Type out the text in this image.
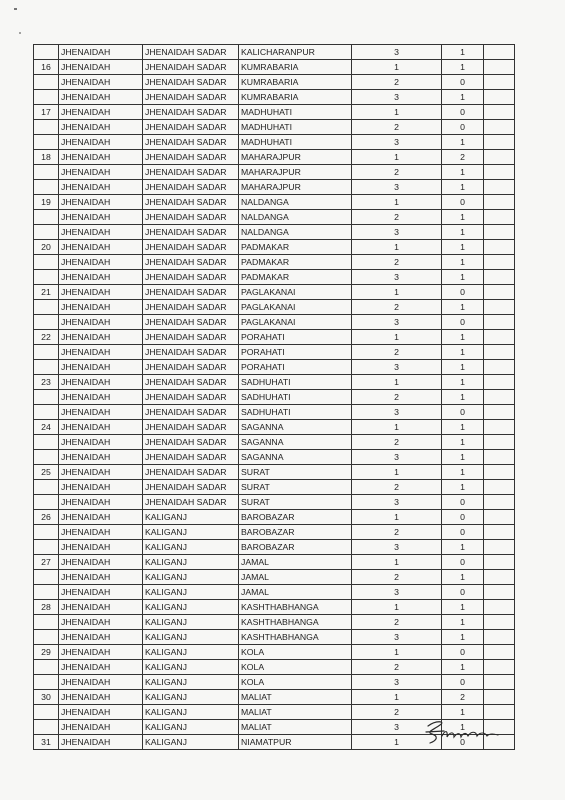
	JHENAIDAH	JHENAIDAH SADAR	KALICHARANPUR	3	1	
16	JHENAIDAH	JHENAIDAH SADAR	KUMRABARIA	1	1	
	JHENAIDAH	JHENAIDAH SADAR	KUMRABARIA	2	0	
	JHENAIDAH	JHENAIDAH SADAR	KUMRABARIA	3	1	
17	JHENAIDAH	JHENAIDAH SADAR	MADHUHATI	1	0	
	JHENAIDAH	JHENAIDAH SADAR	MADHUHATI	2	0	
	JHENAIDAH	JHENAIDAH SADAR	MADHUHATI	3	1	
18	JHENAIDAH	JHENAIDAH SADAR	MAHARAJPUR	1	2	
	JHENAIDAH	JHENAIDAH SADAR	MAHARAJPUR	2	1	
	JHENAIDAH	JHENAIDAH SADAR	MAHARAJPUR	3	1	
19	JHENAIDAH	JHENAIDAH SADAR	NALDANGA	1	0	
	JHENAIDAH	JHENAIDAH SADAR	NALDANGA	2	1	
	JHENAIDAH	JHENAIDAH SADAR	NALDANGA	3	1	
20	JHENAIDAH	JHENAIDAH SADAR	PADMAKAR	1	1	
	JHENAIDAH	JHENAIDAH SADAR	PADMAKAR	2	1	
	JHENAIDAH	JHENAIDAH SADAR	PADMAKAR	3	1	
21	JHENAIDAH	JHENAIDAH SADAR	PAGLAKANAI	1	0	
	JHENAIDAH	JHENAIDAH SADAR	PAGLAKANAI	2	1	
	JHENAIDAH	JHENAIDAH SADAR	PAGLAKANAI	3	0	
22	JHENAIDAH	JHENAIDAH SADAR	PORAHATI	1	1	
	JHENAIDAH	JHENAIDAH SADAR	PORAHATI	2	1	
	JHENAIDAH	JHENAIDAH SADAR	PORAHATI	3	1	
23	JHENAIDAH	JHENAIDAH SADAR	SADHUHATI	1	1	
	JHENAIDAH	JHENAIDAH SADAR	SADHUHATI	2	1	
	JHENAIDAH	JHENAIDAH SADAR	SADHUHATI	3	0	
24	JHENAIDAH	JHENAIDAH SADAR	SAGANNA	1	1	
	JHENAIDAH	JHENAIDAH SADAR	SAGANNA	2	1	
	JHENAIDAH	JHENAIDAH SADAR	SAGANNA	3	1	
25	JHENAIDAH	JHENAIDAH SADAR	SURAT	1	1	
	JHENAIDAH	JHENAIDAH SADAR	SURAT	2	1	
	JHENAIDAH	JHENAIDAH SADAR	SURAT	3	0	
26	JHENAIDAH	KALIGANJ	BAROBAZAR	1	0	
	JHENAIDAH	KALIGANJ	BAROBAZAR	2	0	
	JHENAIDAH	KALIGANJ	BAROBAZAR	3	1	
27	JHENAIDAH	KALIGANJ	JAMAL	1	0	
	JHENAIDAH	KALIGANJ	JAMAL	2	1	
	JHENAIDAH	KALIGANJ	JAMAL	3	0	
28	JHENAIDAH	KALIGANJ	KASHTHABHANGA	1	1	
	JHENAIDAH	KALIGANJ	KASHTHABHANGA	2	1	
	JHENAIDAH	KALIGANJ	KASHTHABHANGA	3	1	
29	JHENAIDAH	KALIGANJ	KOLA	1	0	
	JHENAIDAH	KALIGANJ	KOLA	2	1	
	JHENAIDAH	KALIGANJ	KOLA	3	0	
30	JHENAIDAH	KALIGANJ	MALIAT	1	2	
	JHENAIDAH	KALIGANJ	MALIAT	2	1	
	JHENAIDAH	KALIGANJ	MALIAT	3	1	
31	JHENAIDAH	KALIGANJ	NIAMATPUR	1	0	
